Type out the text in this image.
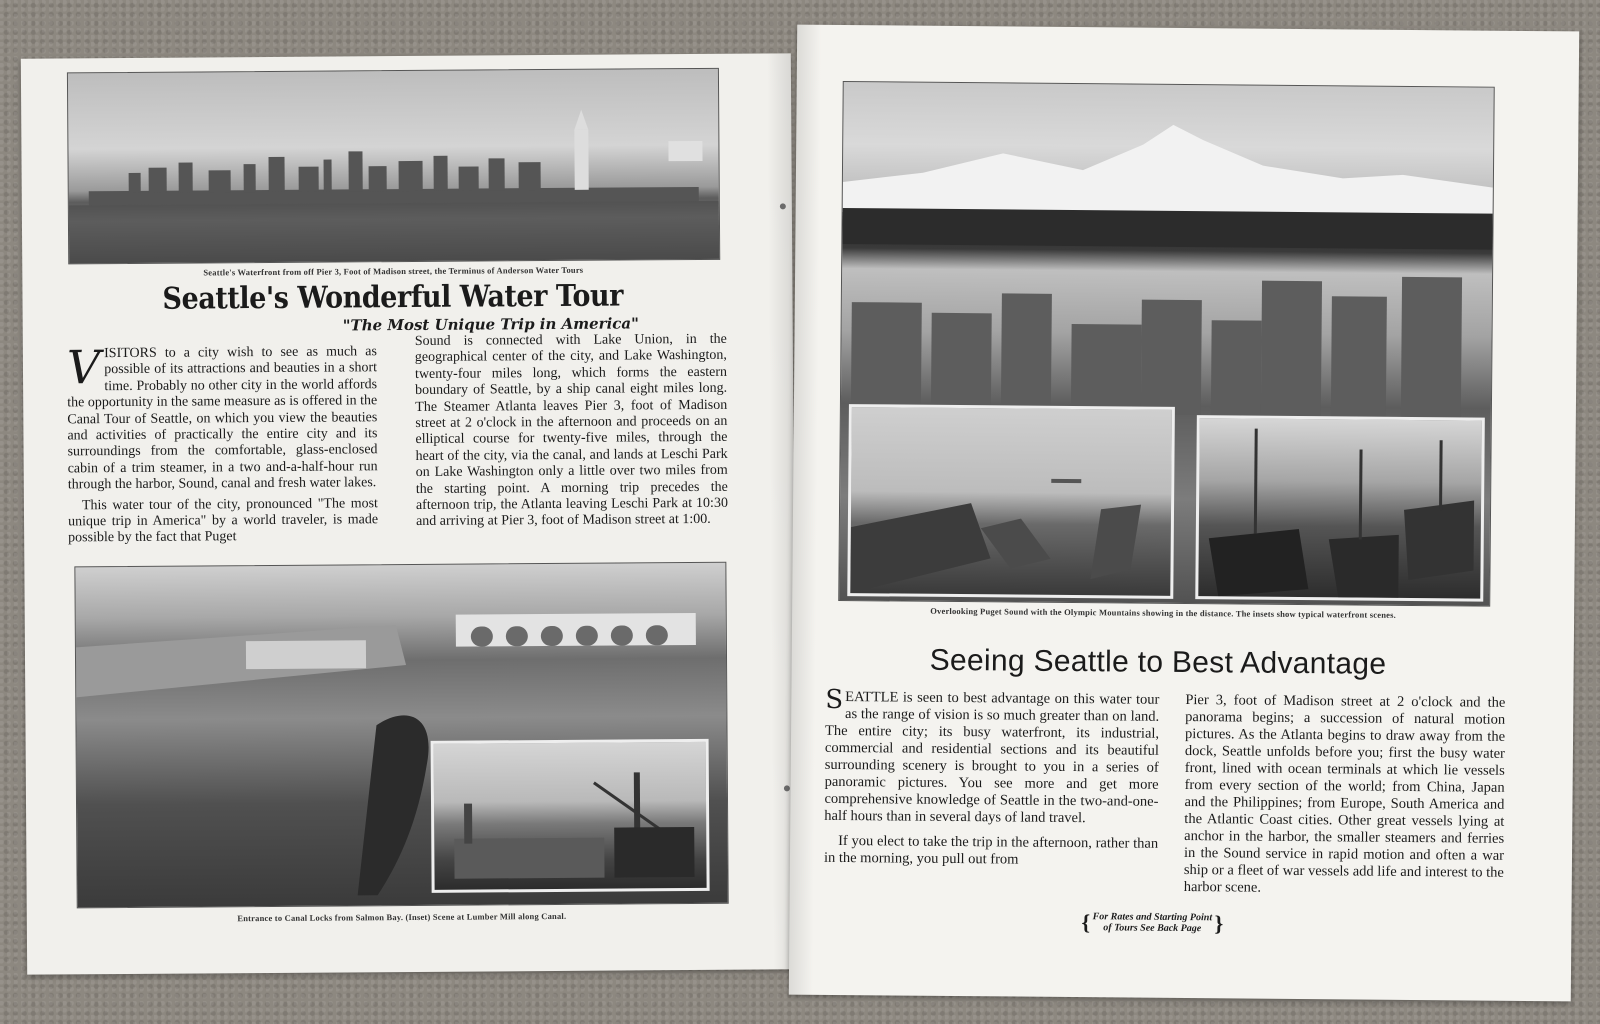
Seattle's Waterfront from off Pier 3, Foot of Madison street, the Terminus of Anderson Water Tours
Seattle's Wonderful Water Tour
"The Most Unique Trip in America"

VISITORS to a city wish to see as much as possible of its attractions and beauties in a short time. Probably no other city in the world affords the opportunity in the same measure as is offered in the Canal Tour of Seattle, on which you view the beauties and activities of practically the entire city and its surroundings from the comfortable, glass-enclosed cabin of a trim steamer, in a two and-a-half-hour run through the harbor, Sound, canal and fresh water lakes.

This water tour of the city, pronounced "The most unique trip in America" by a world traveler, is made possible by the fact that Puget

Sound is connected with Lake Union, in the geographical center of the city, and Lake Washington, twenty-four miles long, which forms the eastern boundary of Seattle, by a ship canal eight miles long. The Steamer Atlanta leaves Pier 3, foot of Madison street at 2 o'clock in the afternoon and proceeds on an elliptical course for twenty-five miles, through the heart of the city, via the canal, and lands at Leschi Park on Lake Washington only a little over two miles from the starting point. A morning trip precedes the afternoon trip, the Atlanta leaving Leschi Park at 10:30 and arriving at Pier 3, foot of Madison street at 1:00.

Entrance to Canal Locks from Salmon Bay. (Inset) Scene at Lumber Mill along Canal.
Overlooking Puget Sound with the Olympic Mountains showing in the distance. The insets show typical waterfront scenes.
Seeing Seattle to Best Advantage

SEATTLE is seen to best advantage on this water tour as the range of vision is so much greater than on land. The entire city; its busy waterfront, its industrial, commercial and residential sections and its beautiful surrounding scenery is brought to you in a series of panoramic pictures. You see more and get more comprehensive knowledge of Seattle in the two-and-one-half hours than in several days of land travel.

If you elect to take the trip in the afternoon, rather than in the morning, you pull out from

Pier 3, foot of Madison street at 2 o'clock and the panorama begins; a succession of natural motion pictures. As the Atlanta begins to draw away from the dock, Seattle unfolds before you; first the busy water front, lined with ocean terminals at which lie vessels from every section of the world; from China, Japan and the Philippines; from Europe, South America and the Atlantic Coast cities. Other great vessels lying at anchor in the harbor, the smaller steamers and ferries in the Sound service in rapid motion and often a war ship or a fleet of war vessels add life and interest to the harbor scene.

{ For Rates and Starting Point
of Tours See Back Page }
